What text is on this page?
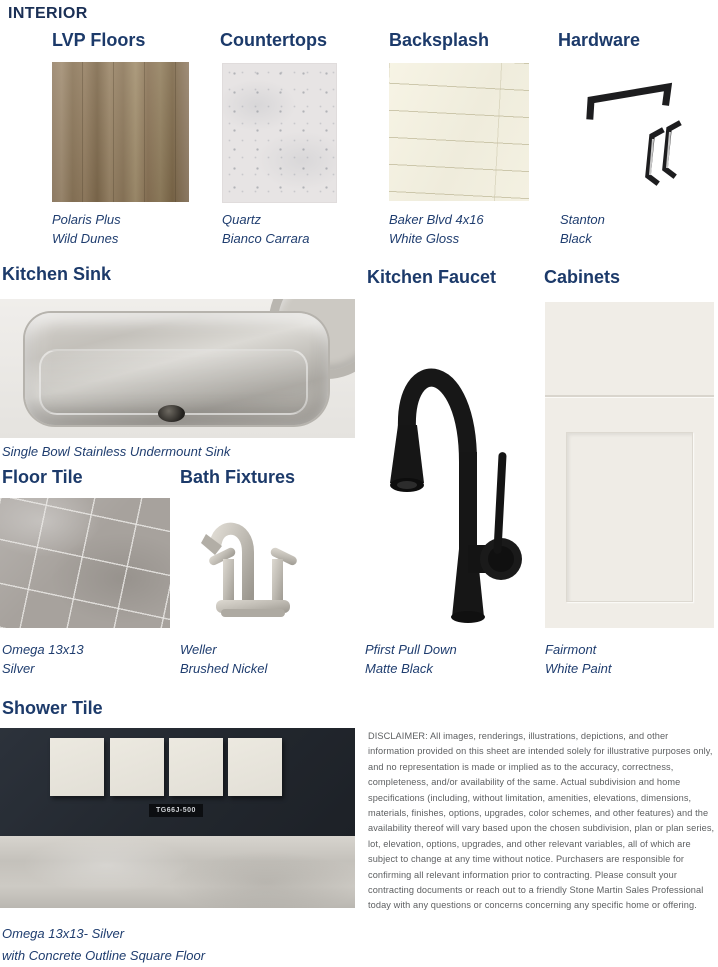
INTERIOR
LVP Floors	Countertops	Backsplash	Hardware
Polaris Plus
Wild Dunes
Quartz
Bianco Carrara
Baker Blvd 4x16
White Gloss
Stanton
Black
Kitchen Sink	Kitchen Faucet	Cabinets
Single Bowl Stainless Undermount Sink
Floor Tile	Bath Fixtures
Omega 13x13
Silver
Weller
Brushed Nickel
Pfirst Pull Down
Matte Black
Fairmont
White Paint
Shower Tile
TG66J-500
DISCLAIMER: All images, renderings, illustrations, depictions, and other information provided on this sheet are intended solely for illustrative purposes only, and no representation is made or implied as to the accuracy, correctness, completeness, and/or availability of the same. Actual subdivision and home specifications (including, without limitation, amenities, elevations, dimensions, materials, finishes, options, upgrades, color schemes, and other features) and the availability thereof will vary based upon the chosen subdivision, plan or plan series, lot, elevation, options, upgrades, and other relevant variables, all of which are subject to change at any time without notice. Purchasers are responsible for confirming all relevant information prior to contracting. Please consult your contracting documents or reach out to a friendly Stone Martin Sales Professional today with any questions or concerns concerning any specific home or offering.
Omega 13x13- Silver
with Concrete Outline Square Floor
